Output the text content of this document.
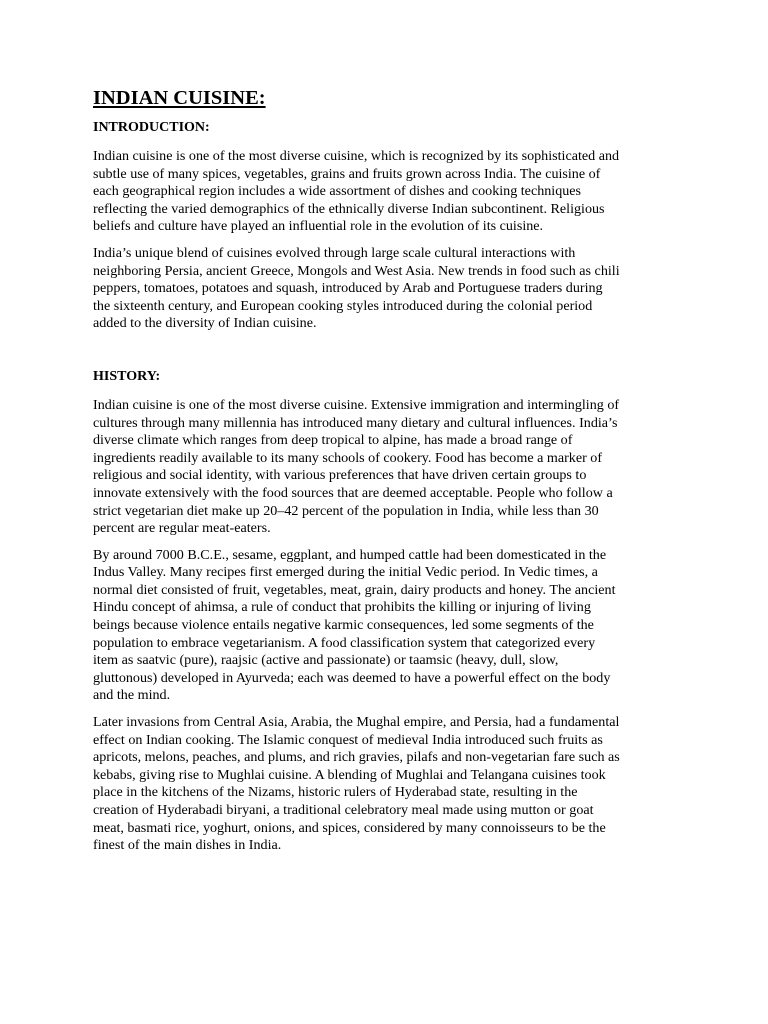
INDIAN CUISINE:
INTRODUCTION:
Indian cuisine is one of the most diverse cuisine, which is recognized by its sophisticated and
subtle use of many spices, vegetables, grains and fruits grown across India. The cuisine of
each geographical region includes a wide assortment of dishes and cooking techniques
reflecting the varied demographics of the ethnically diverse Indian subcontinent. Religious
beliefs and culture have played an influential role in the evolution of its cuisine.
India’s unique blend of cuisines evolved through large scale cultural interactions with
neighboring Persia, ancient Greece, Mongols and West Asia. New trends in food such as chili
peppers, tomatoes, potatoes and squash, introduced by Arab and Portuguese traders during
the sixteenth century, and European cooking styles introduced during the colonial period
added to the diversity of Indian cuisine.
HISTORY:
Indian cuisine is one of the most diverse cuisine. Extensive immigration and intermingling of
cultures through many millennia has introduced many dietary and cultural influences. India’s
diverse climate which ranges from deep tropical to alpine, has made a broad range of
ingredients readily available to its many schools of cookery. Food has become a marker of
religious and social identity, with various preferences that have driven certain groups to
innovate extensively with the food sources that are deemed acceptable. People who follow a
strict vegetarian diet make up 20–42 percent of the population in India, while less than 30
percent are regular meat-eaters.
By around 7000 B.C.E., sesame, eggplant, and humped cattle had been domesticated in the
Indus Valley. Many recipes first emerged during the initial Vedic period. In Vedic times, a
normal diet consisted of fruit, vegetables, meat, grain, dairy products and honey. The ancient
Hindu concept of ahimsa, a rule of conduct that prohibits the killing or injuring of living
beings because violence entails negative karmic consequences, led some segments of the
population to embrace vegetarianism. A food classification system that categorized every
item as saatvic (pure), raajsic (active and passionate) or taamsic (heavy, dull, slow,
gluttonous) developed in Ayurveda; each was deemed to have a powerful effect on the body
and the mind.
Later invasions from Central Asia, Arabia, the Mughal empire, and Persia, had a fundamental
effect on Indian cooking. The Islamic conquest of medieval India introduced such fruits as
apricots, melons, peaches, and plums, and rich gravies, pilafs and non-vegetarian fare such as
kebabs, giving rise to Mughlai cuisine. A blending of Mughlai and Telangana cuisines took
place in the kitchens of the Nizams, historic rulers of Hyderabad state, resulting in the
creation of Hyderabadi biryani, a traditional celebratory meal made using mutton or goat
meat, basmati rice, yoghurt, onions, and spices, considered by many connoisseurs to be the
finest of the main dishes in India.
